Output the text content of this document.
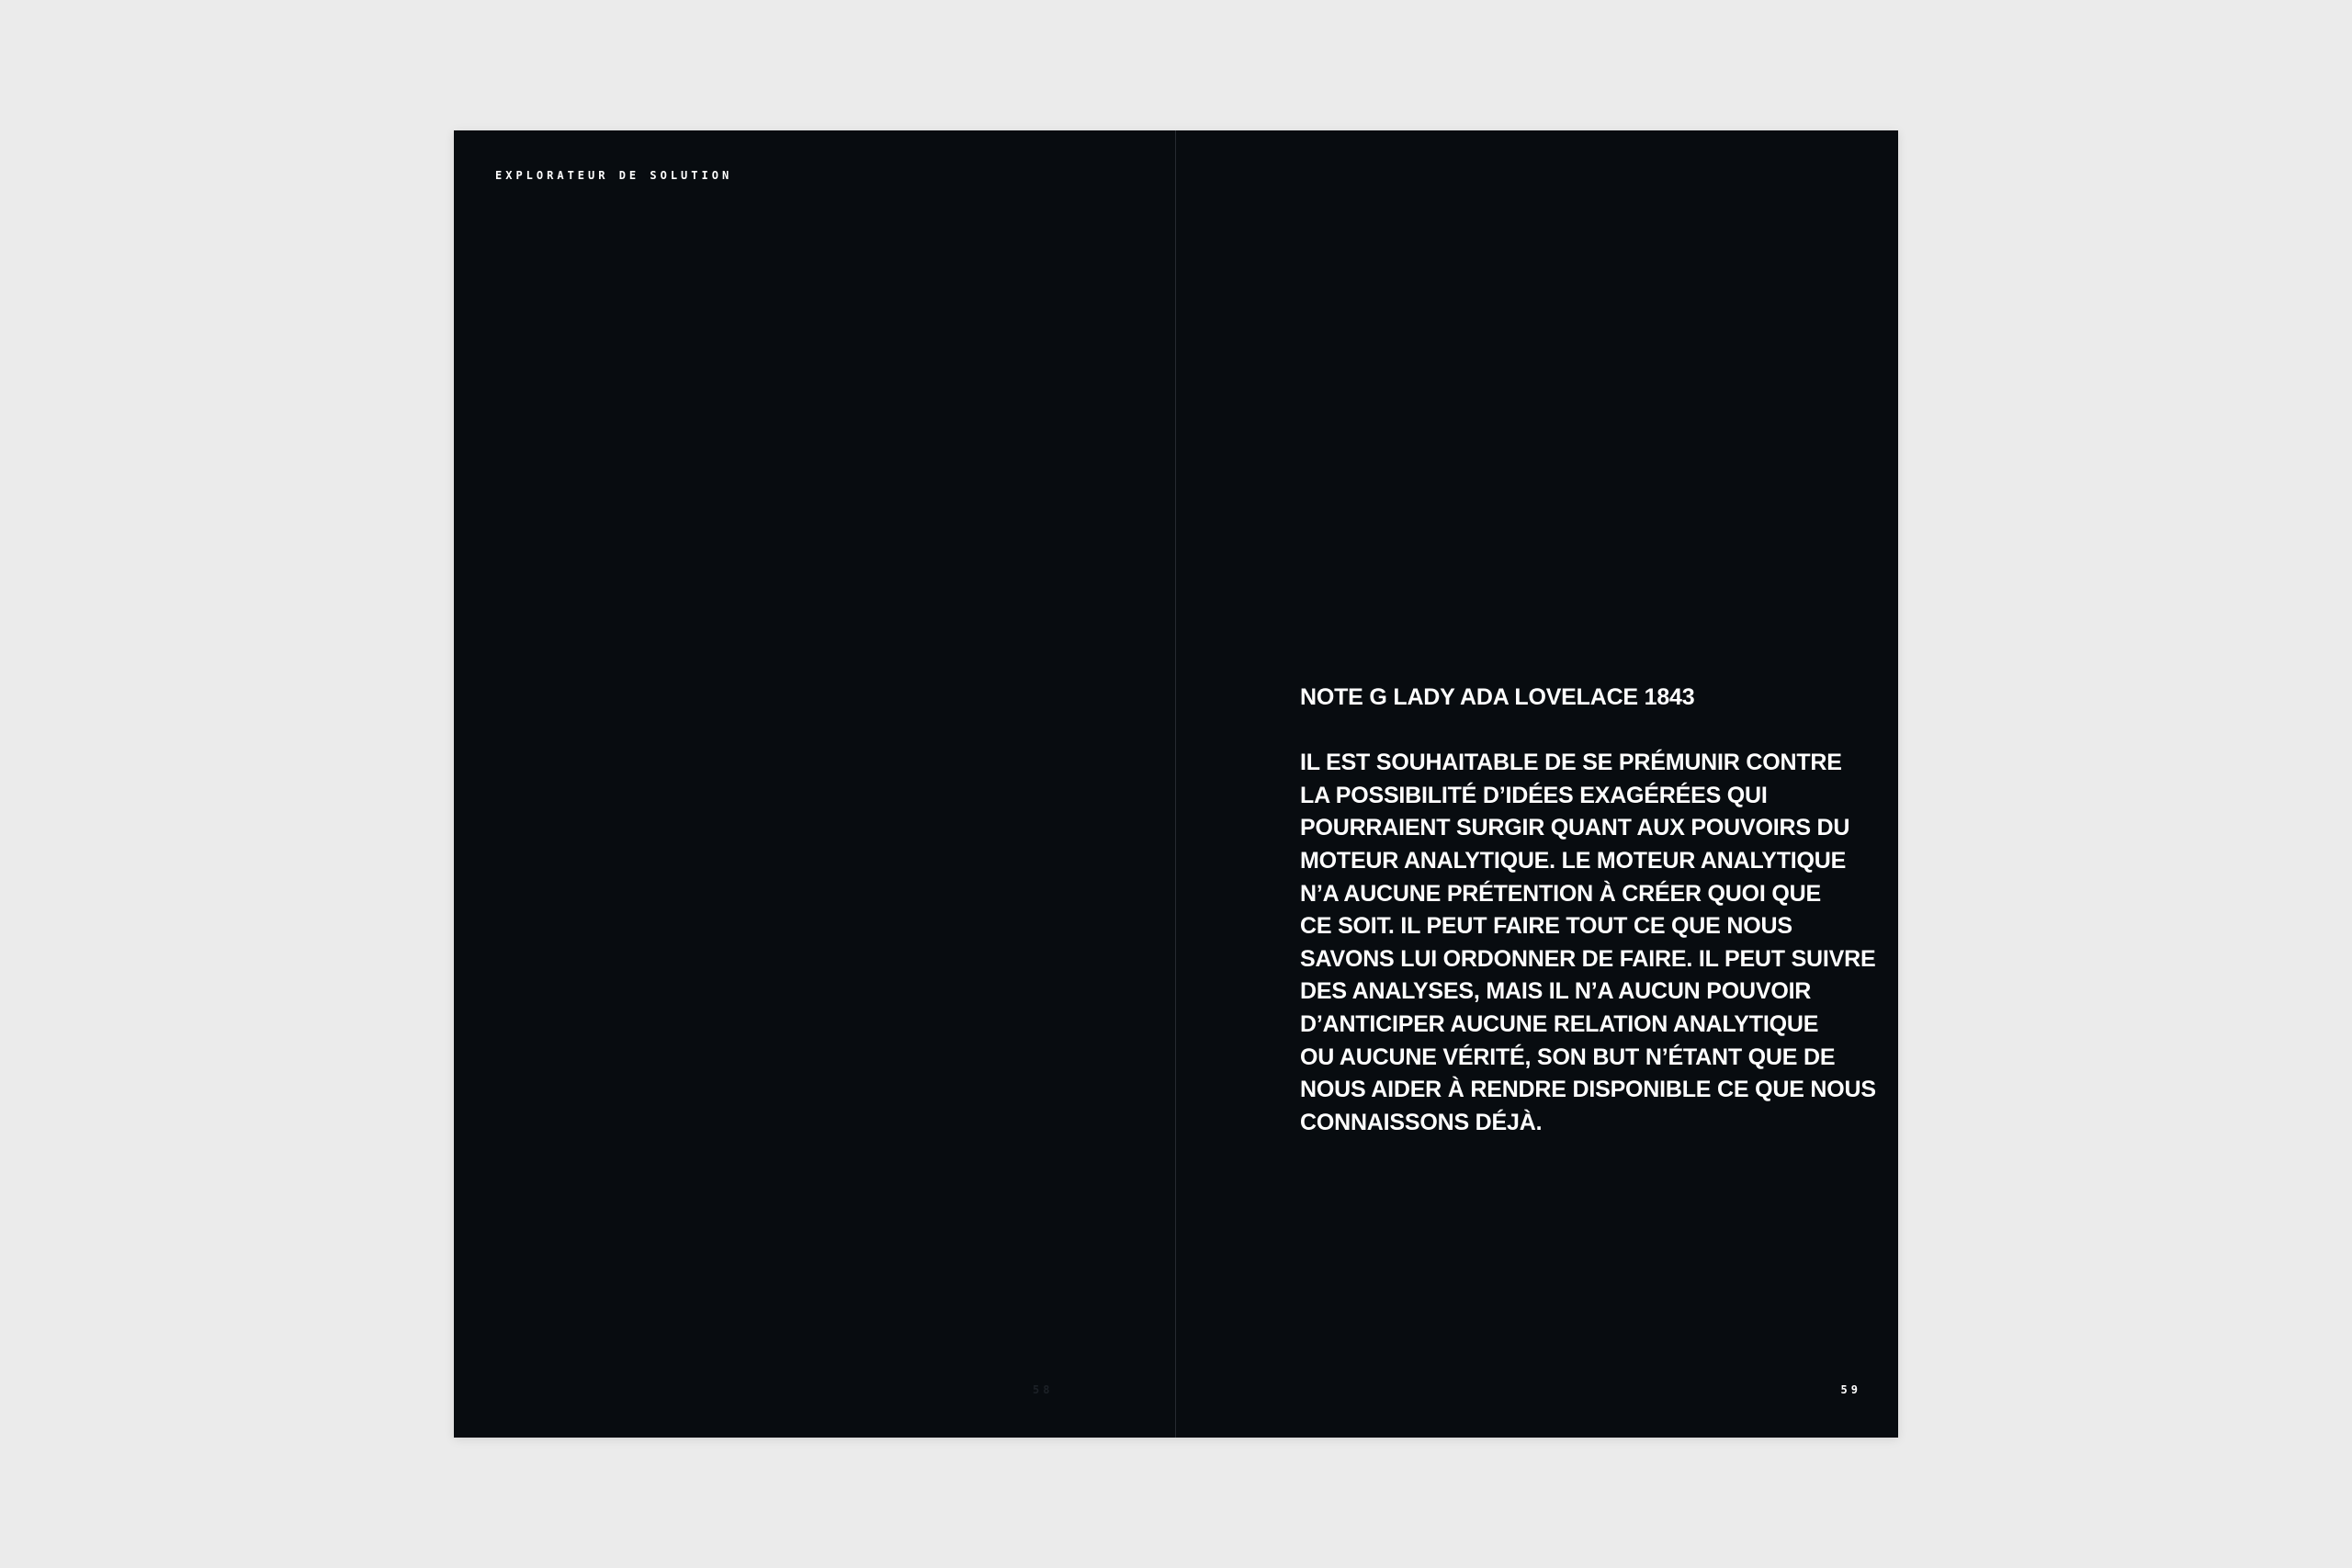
EXPLORATEUR DE SOLUTION
58
NOTE G LADY ADA LOVELACE 1843
IL EST SOUHAITABLE DE SE PRÉMUNIR CONTRE
LA POSSIBILITÉ D’IDÉES EXAGÉRÉES QUI
POURRAIENT SURGIR QUANT AUX POUVOIRS DU
MOTEUR ANALYTIQUE. LE MOTEUR ANALYTIQUE
N’A AUCUNE PRÉTENTION À CRÉER QUOI QUE
CE SOIT. IL PEUT FAIRE TOUT CE QUE NOUS
SAVONS LUI ORDONNER DE FAIRE. IL PEUT SUIVRE
DES ANALYSES, MAIS IL N’A AUCUN POUVOIR
D’ANTICIPER AUCUNE RELATION ANALYTIQUE
OU AUCUNE VÉRITÉ, SON BUT N’ÉTANT QUE DE
NOUS AIDER À RENDRE DISPONIBLE CE QUE NOUS
CONNAISSONS DÉJÀ.
59
